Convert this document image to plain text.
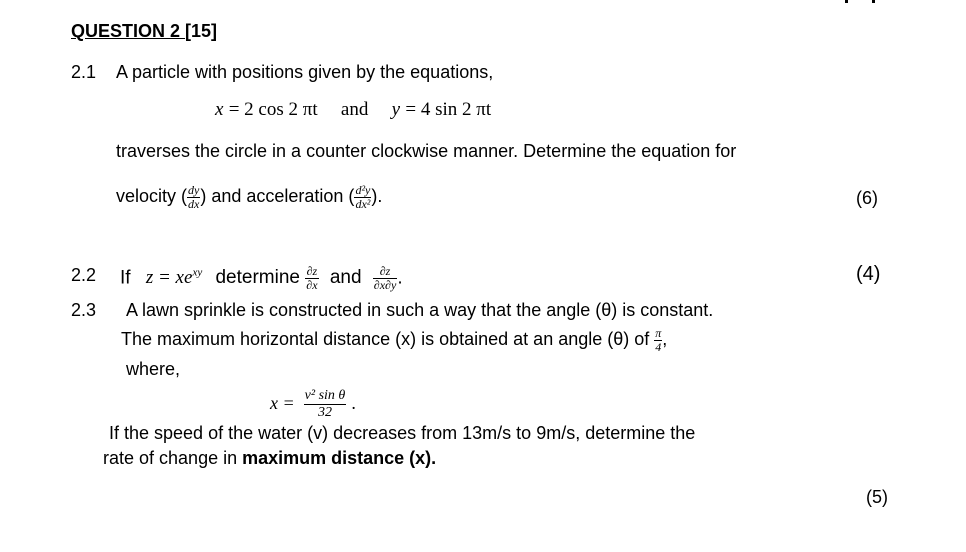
QUESTION 2 [15]
2.1 A particle with positions given by the equations,
x = 2 cos 2 πt and y = 4 sin 2 πt
traverses the circle in a counter clockwise manner. Determine the equation for
velocity ( $\frac{dy}{dx}$ ) and acceleration ( $\frac{\text{d²y}}{\text{dx²}}$ ).	(6)
2.2 If $z = xe^{xy}$ determine $\frac{\partial z}{\partial x}$ and $\frac{\partial z}{\partial x\partial y}$ .	(4)
2.3 A lawn sprinkle is constructed in such a way that the angle (θ) is constant.
The maximum horizontal distance (x) is obtained at an angle (θ) of $\frac{\pi}{4}$ ,
where,
$x = \frac{\text{v² sin θ}}{32}$ .
If the speed of the water (v) decreases from 13m/s to 9m/s, determine the
rate of change in maximum distance (x).
(5)
